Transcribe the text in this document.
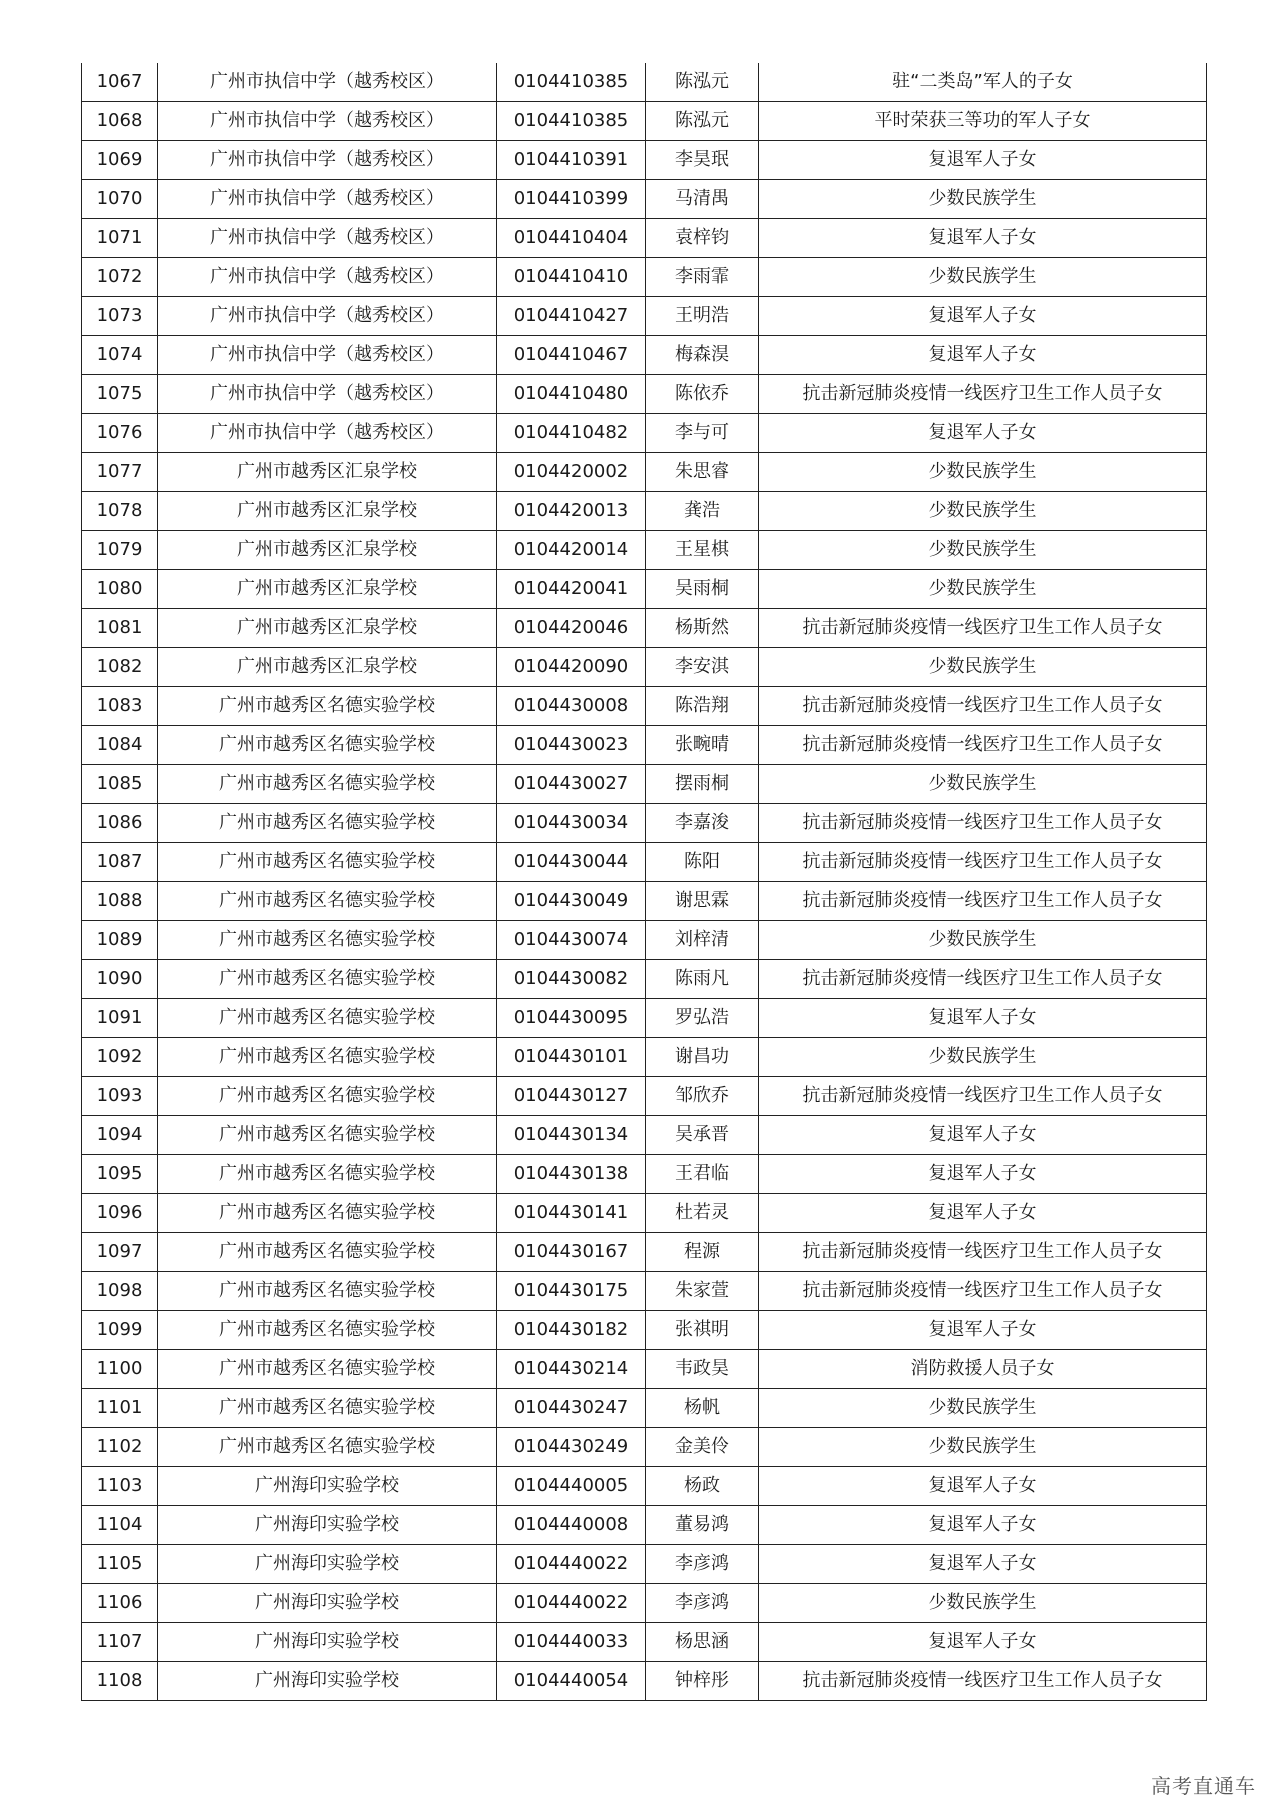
1067	广州市执信中学（越秀校区）	0104410385	陈泓元	驻“二类岛”军人的子女
1068	广州市执信中学（越秀校区）	0104410385	陈泓元	平时荣获三等功的军人子女
1069	广州市执信中学（越秀校区）	0104410391	李昊珉	复退军人子女
1070	广州市执信中学（越秀校区）	0104410399	马清禺	少数民族学生
1071	广州市执信中学（越秀校区）	0104410404	袁梓钧	复退军人子女
1072	广州市执信中学（越秀校区）	0104410410	李雨霏	少数民族学生
1073	广州市执信中学（越秀校区）	0104410427	王明浩	复退军人子女
1074	广州市执信中学（越秀校区）	0104410467	梅森淏	复退军人子女
1075	广州市执信中学（越秀校区）	0104410480	陈依乔	抗击新冠肺炎疫情一线医疗卫生工作人员子女
1076	广州市执信中学（越秀校区）	0104410482	李与可	复退军人子女
1077	广州市越秀区汇泉学校	0104420002	朱思睿	少数民族学生
1078	广州市越秀区汇泉学校	0104420013	龚浩	少数民族学生
1079	广州市越秀区汇泉学校	0104420014	王星棋	少数民族学生
1080	广州市越秀区汇泉学校	0104420041	吴雨桐	少数民族学生
1081	广州市越秀区汇泉学校	0104420046	杨斯然	抗击新冠肺炎疫情一线医疗卫生工作人员子女
1082	广州市越秀区汇泉学校	0104420090	李安淇	少数民族学生
1083	广州市越秀区名德实验学校	0104430008	陈浩翔	抗击新冠肺炎疫情一线医疗卫生工作人员子女
1084	广州市越秀区名德实验学校	0104430023	张畹晴	抗击新冠肺炎疫情一线医疗卫生工作人员子女
1085	广州市越秀区名德实验学校	0104430027	摆雨桐	少数民族学生
1086	广州市越秀区名德实验学校	0104430034	李嘉浚	抗击新冠肺炎疫情一线医疗卫生工作人员子女
1087	广州市越秀区名德实验学校	0104430044	陈阳	抗击新冠肺炎疫情一线医疗卫生工作人员子女
1088	广州市越秀区名德实验学校	0104430049	谢思霖	抗击新冠肺炎疫情一线医疗卫生工作人员子女
1089	广州市越秀区名德实验学校	0104430074	刘梓清	少数民族学生
1090	广州市越秀区名德实验学校	0104430082	陈雨凡	抗击新冠肺炎疫情一线医疗卫生工作人员子女
1091	广州市越秀区名德实验学校	0104430095	罗弘浩	复退军人子女
1092	广州市越秀区名德实验学校	0104430101	谢昌功	少数民族学生
1093	广州市越秀区名德实验学校	0104430127	邹欣乔	抗击新冠肺炎疫情一线医疗卫生工作人员子女
1094	广州市越秀区名德实验学校	0104430134	吴承晋	复退军人子女
1095	广州市越秀区名德实验学校	0104430138	王君临	复退军人子女
1096	广州市越秀区名德实验学校	0104430141	杜若灵	复退军人子女
1097	广州市越秀区名德实验学校	0104430167	程源	抗击新冠肺炎疫情一线医疗卫生工作人员子女
1098	广州市越秀区名德实验学校	0104430175	朱家萱	抗击新冠肺炎疫情一线医疗卫生工作人员子女
1099	广州市越秀区名德实验学校	0104430182	张祺明	复退军人子女
1100	广州市越秀区名德实验学校	0104430214	韦政昊	消防救援人员子女
1101	广州市越秀区名德实验学校	0104430247	杨帆	少数民族学生
1102	广州市越秀区名德实验学校	0104430249	金美伶	少数民族学生
1103	广州海印实验学校	0104440005	杨政	复退军人子女
1104	广州海印实验学校	0104440008	董易鸿	复退军人子女
1105	广州海印实验学校	0104440022	李彦鸿	复退军人子女
1106	广州海印实验学校	0104440022	李彦鸿	少数民族学生
1107	广州海印实验学校	0104440033	杨思涵	复退军人子女
1108	广州海印实验学校	0104440054	钟梓彤	抗击新冠肺炎疫情一线医疗卫生工作人员子女
高考直通车
